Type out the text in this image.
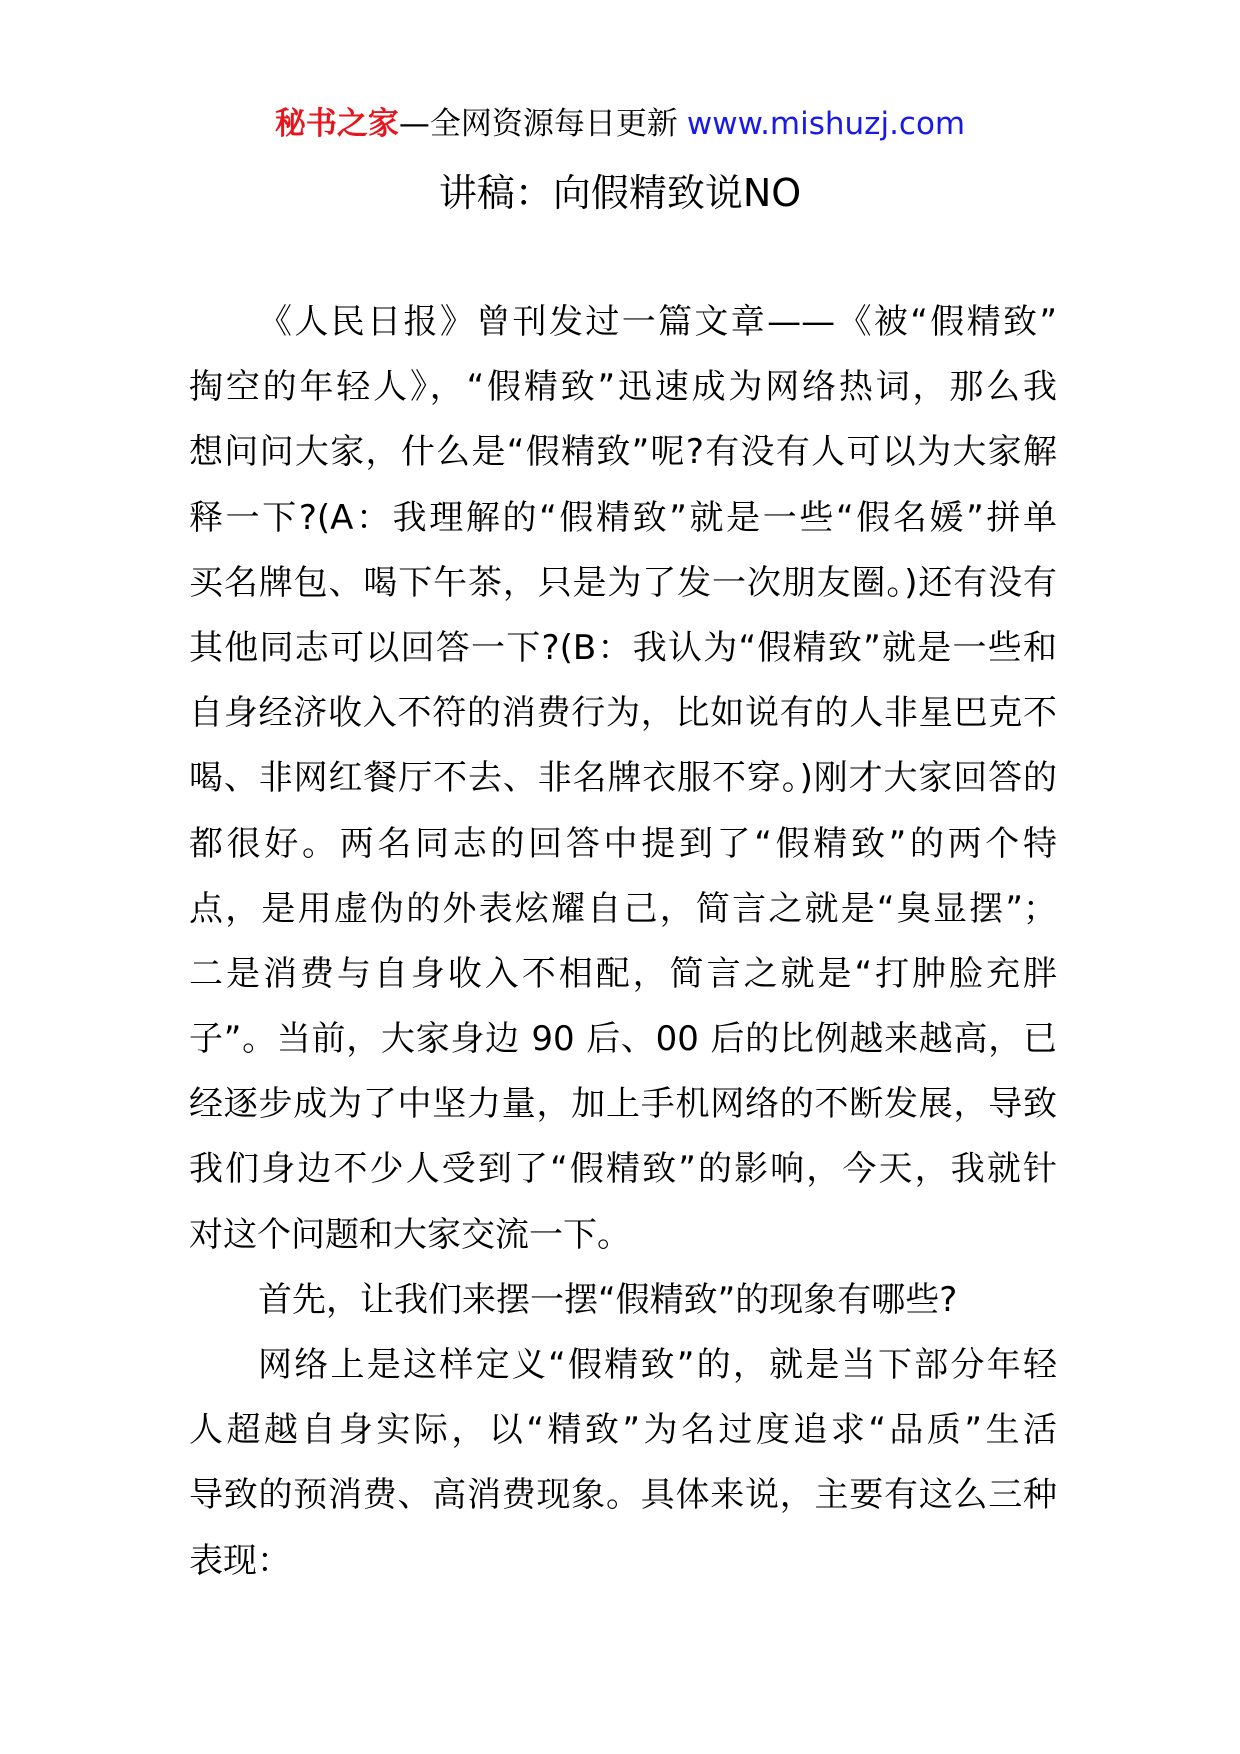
秘书之家—全网资源每日更新 www.mishuzj.com
讲稿：向假精致说NO
《人民日报》曾刊发过一篇文章——《被“假精致”
掏空的年轻人》，“假精致”迅速成为网络热词，那么我
想问问大家，什么是“假精致”呢?有没有人可以为大家解
释一下?(A：我理解的“假精致”就是一些“假名媛”拼单
买名牌包、喝下午茶，只是为了发一次朋友圈。)还有没有
其他同志可以回答一下?(B：我认为“假精致”就是一些和
自身经济收入不符的消费行为，比如说有的人非星巴克不
喝、非网红餐厅不去、非名牌衣服不穿。)刚才大家回答的
都很好。两名同志的回答中提到了“假精致”的两个特
点，是用虚伪的外表炫耀自己，简言之就是“臭显摆”；
二是消费与自身收入不相配，简言之就是“打肿脸充胖
子”。当前，大家身边 90 后、00 后的比例越来越高，已
经逐步成为了中坚力量，加上手机网络的不断发展，导致
我们身边不少人受到了“假精致”的影响，今天，我就针
对这个问题和大家交流一下。
首先，让我们来摆一摆“假精致”的现象有哪些?
网络上是这样定义“假精致”的，就是当下部分年轻
人超越自身实际，以“精致”为名过度追求“品质”生活
导致的预消费、高消费现象。具体来说，主要有这么三种
表现：
